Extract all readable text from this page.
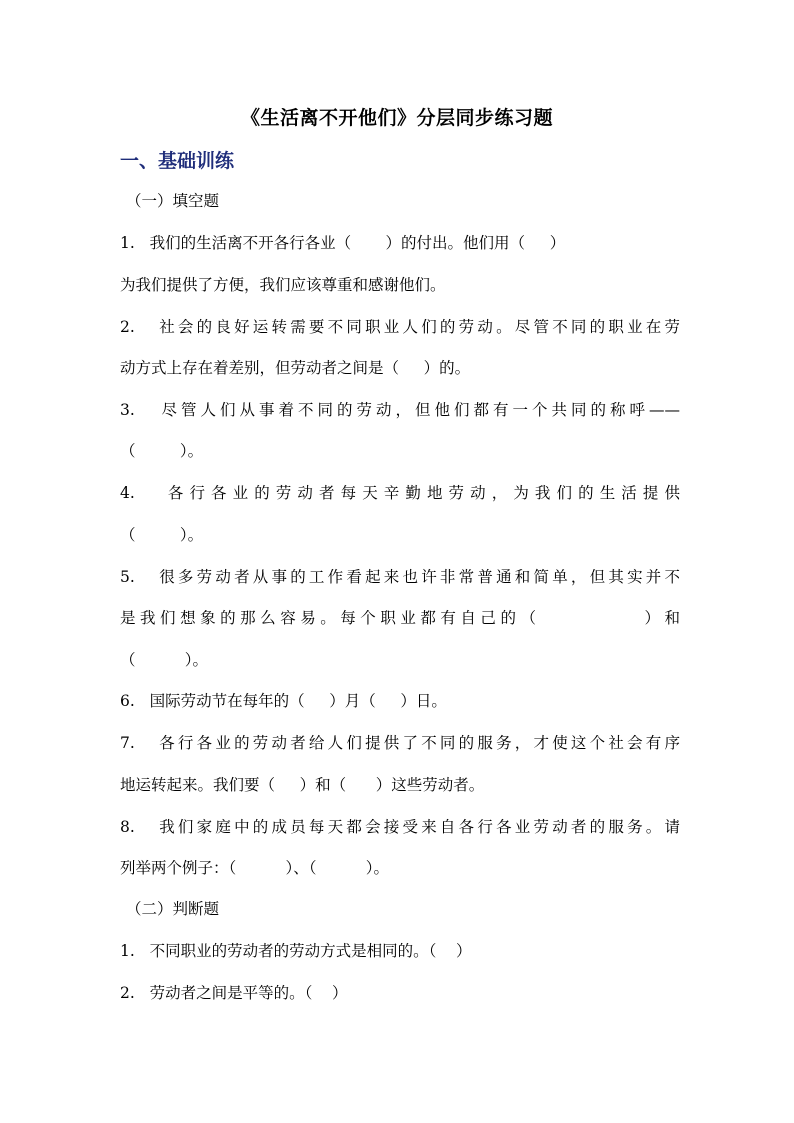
《生活离不开他们》分层同步练习题
一、基础训练
（一）填空题
1.   我们的生活离不开各行各业（       ）的付出。他们用（     ）
为我们提供了方便，我们应该尊重和感谢他们。
2.   社会的良好运转需要不同职业人们的劳动。尽管不同的职业在劳
动方式上存在着差别，但劳动者之间是（     ）的。
3.   尽管人们从事着不同的劳动，但他们都有一个共同的称呼——
（         ）。
4.   各行各业的劳动者每天辛勤地劳动，为我们的生活提供
（         ）。
5.   很多劳动者从事的工作看起来也许非常普通和简单，但其实并不
是我们想象的那么容易。每个职业都有自己的（           ）和
（          ）。
6.   国际劳动节在每年的（     ）月（     ）日。
7.   各行各业的劳动者给人们提供了不同的服务，才使这个社会有序
地运转起来。我们要（     ）和（      ）这些劳动者。
8.   我们家庭中的成员每天都会接受来自各行各业劳动者的服务。请
列举两个例子：（          ）、（          ）。
（二）判断题
1.   不同职业的劳动者的劳动方式是相同的。（    ）
2.   劳动者之间是平等的。（    ）
